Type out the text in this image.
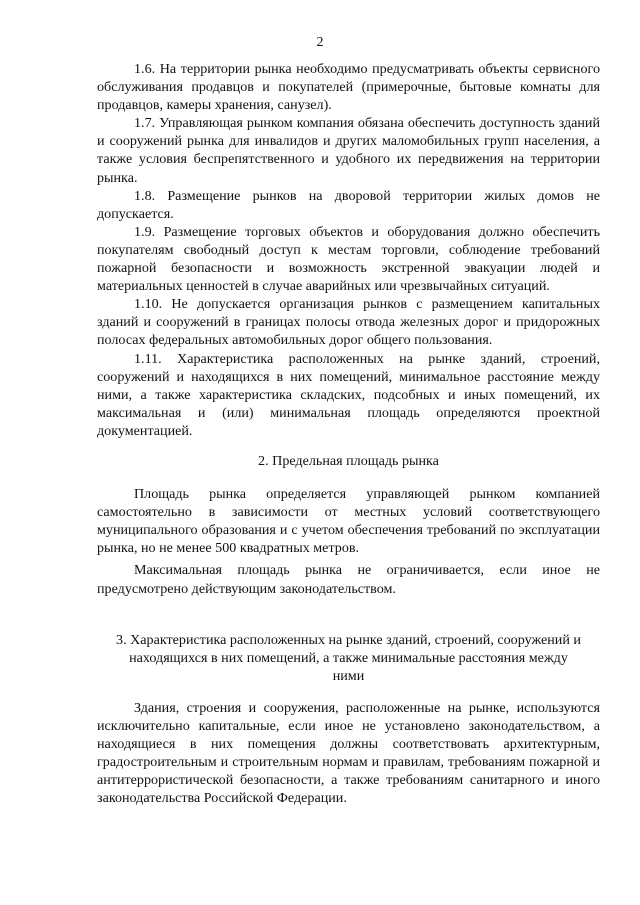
2

1.6. На территории рынка необходимо предусматривать объекты сервисного обслуживания продавцов и покупателей (примерочные, бытовые комнаты для продавцов, камеры хранения, санузел).

1.7. Управляющая рынком компания обязана обеспечить доступность зданий и сооружений рынка для инвалидов и других маломобильных групп населения, а также условия беспрепятственного и удобного их передвижения на территории рынка.

1.8. Размещение рынков на дворовой территории жилых домов не допускается.

1.9. Размещение торговых объектов и оборудования должно обеспечить покупателям свободный доступ к местам торговли, соблюдение требований пожарной безопасности и возможность экстренной эвакуации людей и материальных ценностей в случае аварийных или чрезвычайных ситуаций.

1.10. Не допускается организация рынков с размещением капитальных зданий и сооружений в границах полосы отвода железных дорог и придорожных полосах федеральных автомобильных дорог общего пользования.

1.11. Характеристика расположенных на рынке зданий, строений, сооружений и находящихся в них помещений, минимальное расстояние между ними, а также характеристика складских, подсобных и иных помещений, их максимальная и (или) минимальная площадь определяются проектной документацией.

2. Предельная площадь рынка

Площадь рынка определяется управляющей рынком компанией самостоятельно в зависимости от местных условий соответствующего муниципального образования и с учетом обеспечения требований по эксплуатации рынка, но не менее 500 квадратных метров.

Максимальная площадь рынка не ограничивается, если иное не предусмотрено действующим законодательством.

3. Характеристика расположенных на рынке зданий, строений, сооружений и находящихся в них помещений, а также минимальные расстояния между ними

Здания, строения и сооружения, расположенные на рынке, используются исключительно капитальные, если иное не установлено законодательством, а находящиеся в них помещения должны соответствовать архитектурным, градостроительным и строительным нормам и правилам, требованиям пожарной и антитеррористической безопасности, а также требованиям санитарного и иного законодательства Российской Федерации.
